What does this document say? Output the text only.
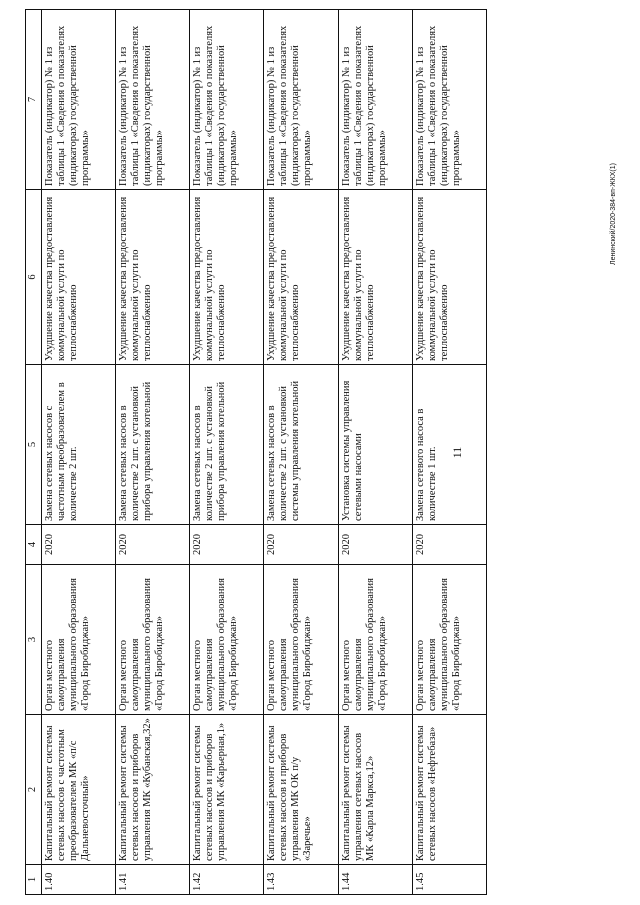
11
1	2	3	4	5	6	7
1.40	Капитальный ремонт системы сетевых насосов с частотным преобразователем МК «п/с Дальневосточный»	Орган местного самоуправления муниципального образования «Город Биробиджан»	2020	Замена сетевых насосов с частотным преобразователем в количестве 2 шт.	Ухудшение качества предоставления коммунальной услуги по теплоснабжению	Показатель (индикатор) № 1 из таблицы 1 «Сведения о показателях (индикаторах) государственной программы»
1.41	Капитальный ремонт системы сетевых насосов и приборов управления МК «Кубанская,32»	Орган местного самоуправления муниципального образования «Город Биробиджан»	2020	Замена сетевых насосов в количестве 2 шт. с установкой прибора управления котельной	Ухудшение качества предоставления коммунальной услуги по теплоснабжению	Показатель (индикатор) № 1 из таблицы 1 «Сведения о показателях (индикаторах) государственной программы»
1.42	Капитальный ремонт системы сетевых насосов и приборов управления МК «Карьерная,1»	Орган местного самоуправления муниципального образования «Город Биробиджан»	2020	Замена сетевых насосов в количестве 2 шт. с установкой прибора управления котельной	Ухудшение качества предоставления коммунальной услуги по теплоснабжению	Показатель (индикатор) № 1 из таблицы 1 «Сведения о показателях (индикаторах) государственной программы»
1.43	Капитальный ремонт системы сетевых насосов и приборов управления МК ОК п/у «Заречье»	Орган местного самоуправления муниципального образования «Город Биробиджан»	2020	Замена сетевых насосов в количестве 2 шт. с установкой системы управления котельной	Ухудшение качества предоставления коммунальной услуги по теплоснабжению	Показатель (индикатор) № 1 из таблицы 1 «Сведения о показателях (индикаторах) государственной программы»
1.44	Капитальный ремонт системы управления сетевых насосов МК «Карла Маркса,12»	Орган местного самоуправления муниципального образования «Город Биробиджан»	2020	Установка системы управления сетевыми насосами	Ухудшение качества предоставления коммунальной услуги по теплоснабжению	Показатель (индикатор) № 1 из таблицы 1 «Сведения о показателях (индикаторах) государственной программы»
1.45	Капитальный ремонт системы сетевых насосов «Нефтебаза»	Орган местного самоуправления муниципального образования «Город Биробиджан»	2020	Замена сетевого насоса в количестве 1 шт.	Ухудшение качества предоставления коммунальной услуги по теплоснабжению	Показатель (индикатор) № 1 из таблицы 1 «Сведения о показателях (индикаторах) государственной программы»
Ленинский/2020-384-вп-ЖКХ(1)
